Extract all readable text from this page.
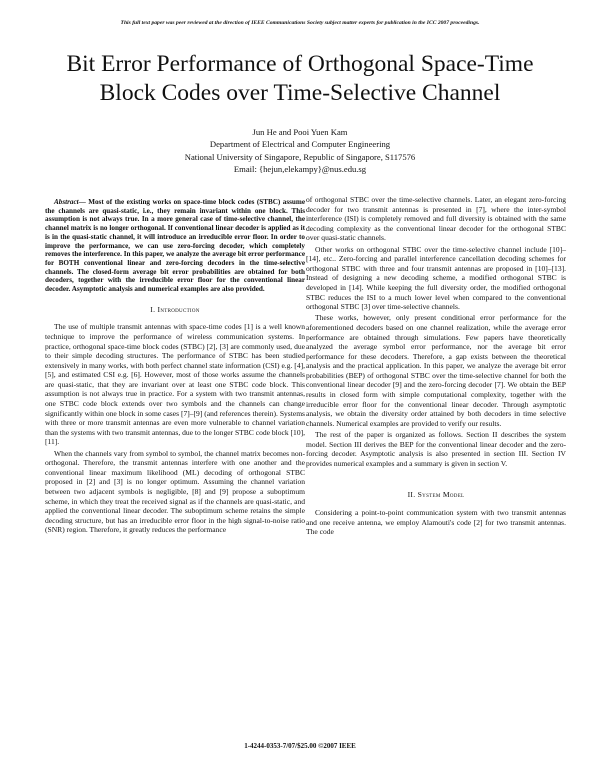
This full text paper was peer reviewed at the direction of IEEE Communications Society subject matter experts for publication in the ICC 2007 proceedings.
Bit Error Performance of Orthogonal Space-Time
Block Codes over Time-Selective Channel
Jun He and Pooi Yuen Kam
Department of Electrical and Computer Engineering
National University of Singapore, Republic of Singapore, S117576
Email: {hejun,elekampy}@nus.edu.sg

Abstract— Most of the existing works on space-time block codes (STBC) assume the channels are quasi-static, i.e., they remain invariant within one block. This assumption is not always true. In a more general case of time-selective channel, the channel matrix is no longer orthogonal. If conventional linear decoder is applied as it is in the quasi-static channel, it will introduce an irreducible error floor. In order to improve the performance, we can use zero-forcing decoder, which completely removes the interference. In this paper, we analyze the average bit error performance for BOTH conventional linear and zero-forcing decoders in the time-selective channels. The closed-form average bit error probabilities are obtained for both decoders, together with the irreducible error floor for the conventional linear decoder. Asymptotic analysis and numerical examples are also provided.

I. Introduction

The use of multiple transmit antennas with space-time codes [1] is a well known technique to improve the performance of wireless communication systems. In practice, orthogonal space-time block codes (STBC) [2], [3] are commonly used, due to their simple decoding structures. The performance of STBC has been studied extensively in many works, with both perfect channel state information (CSI) e.g. [4], [5], and estimated CSI e.g. [6]. However, most of those works assume the channels are quasi-static, that they are invariant over at least one STBC code block. This assumption is not always true in practice. For a system with two transmit antennas, one STBC code block extends over two symbols and the channels can change significantly within one block in some cases [7]–[9] (and references therein). Systems with three or more transmit antennas are even more vulnerable to channel variation than the systems with two transmit antennas, due to the longer STBC code block [10], [11].

When the channels vary from symbol to symbol, the channel matrix becomes non-orthogonal. Therefore, the transmit antennas interfere with one another and the conventional linear maximum likelihood (ML) decoding of orthogonal STBC proposed in [2] and [3] is no longer optimum. Assuming the channel variation between two adjacent symbols is negligible, [8] and [9] propose a suboptimum scheme, in which they treat the received signal as if the channels are quasi-static, and applied the conventional linear decoder. The suboptimum scheme retains the simple decoding structure, but has an irreducible error floor in the high signal-to-noise ratio (SNR) region. Therefore, it greatly reduces the performance

of orthogonal STBC over the time-selective channels. Later, an elegant zero-forcing decoder for two transmit antennas is presented in [7], where the inter-symbol interference (ISI) is completely removed and full diversity is obtained with the same decoding complexity as the conventional linear decoder for the orthogonal STBC over quasi-static channels.

Other works on orthogonal STBC over the time-selective channel include [10]–[14], etc.. Zero-forcing and parallel interference cancellation decoding schemes for orthogonal STBC with three and four transmit antennas are proposed in [10]–[13]. Instead of designing a new decoding scheme, a modified orthogonal STBC is developed in [14]. While keeping the full diversity order, the modified orthogonal STBC reduces the ISI to a much lower level when compared to the conventional orthogonal STBC [3] over time-selective channels.

These works, however, only present conditional error performance for the aforementioned decoders based on one channel realization, while the average error performance are obtained through simulations. Few papers have theoretically analyzed the average symbol error performance, nor the average bit error performance for these decoders. Therefore, a gap exists between the theoretical analysis and the practical application. In this paper, we analyze the average bit error probabilities (BEP) of orthogonal STBC over the time-selective channel for both the conventional linear decoder [9] and the zero-forcing decoder [7]. We obtain the BEP results in closed form with simple computational complexity, together with the irreducible error floor for the conventional linear decoder. Through asymptotic analysis, we obtain the diversity order attained by both decoders in time selective channels. Numerical examples are provided to verify our results.

The rest of the paper is organized as follows. Section II describes the system model. Section III derives the BEP for the conventional linear decoder and the zero-forcing decoder. Asymptotic analysis is also presented in section III. Section IV provides numerical examples and a summary is given in section V.

II. System Model

Considering a point-to-point communication system with two transmit antennas and one receive antenna, we employ Alamouti's code [2] for two transmit antennas. The code

1-4244-0353-7/07/$25.00 ©2007 IEEE
